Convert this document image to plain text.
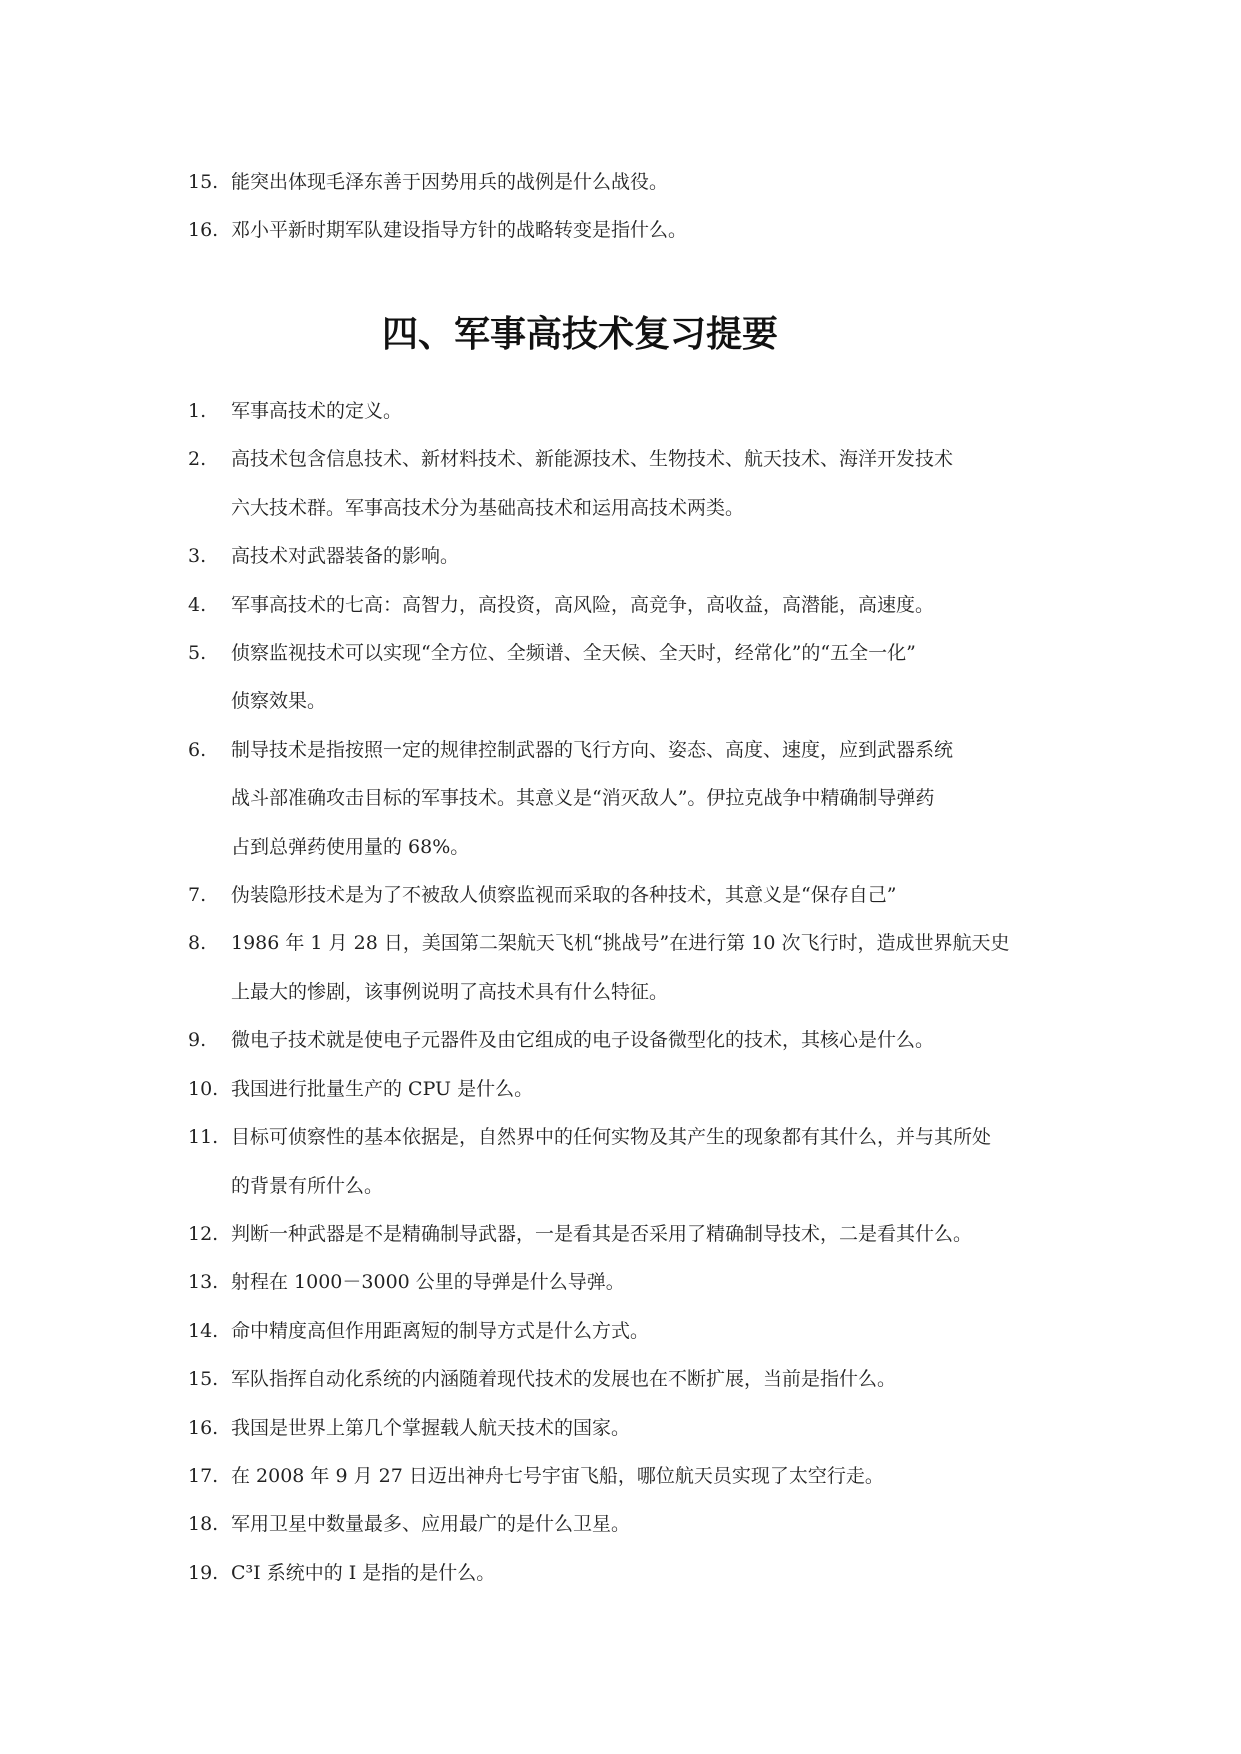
15. 能突出体现毛泽东善于因势用兵的战例是什么战役。
16. 邓小平新时期军队建设指导方针的战略转变是指什么。
四、军事高技术复习提要
1. 军事高技术的定义。
2. 高技术包含信息技术、新材料技术、新能源技术、生物技术、航天技术、海洋开发技术
六大技术群。军事高技术分为基础高技术和运用高技术两类。
3. 高技术对武器装备的影响。
4. 军事高技术的七高：高智力，高投资，高风险，高竞争，高收益，高潜能，高速度。
5. 侦察监视技术可以实现“全方位、全频谱、全天候、全天时，经常化”的“五全一化”
侦察效果。
6. 制导技术是指按照一定的规律控制武器的飞行方向、姿态、高度、速度，应到武器系统
战斗部准确攻击目标的军事技术。其意义是“消灭敌人”。伊拉克战争中精确制导弹药
占到总弹药使用量的 68%。
7. 伪装隐形技术是为了不被敌人侦察监视而采取的各种技术，其意义是“保存自己”
8. 1986 年 1 月 28 日，美国第二架航天飞机“挑战号”在进行第 10 次飞行时，造成世界航天史
上最大的惨剧，该事例说明了高技术具有什么特征。
9. 微电子技术就是使电子元器件及由它组成的电子设备微型化的技术，其核心是什么。
10. 我国进行批量生产的 CPU 是什么。
11. 目标可侦察性的基本依据是，自然界中的任何实物及其产生的现象都有其什么，并与其所处
的背景有所什么。
12. 判断一种武器是不是精确制导武器，一是看其是否采用了精确制导技术，二是看其什么。
13. 射程在 1000－3000 公里的导弹是什么导弹。
14. 命中精度高但作用距离短的制导方式是什么方式。
15. 军队指挥自动化系统的内涵随着现代技术的发展也在不断扩展，当前是指什么。
16. 我国是世界上第几个掌握载人航天技术的国家。
17. 在 2008 年 9 月 27 日迈出神舟七号宇宙飞船，哪位航天员实现了太空行走。
18. 军用卫星中数量最多、应用最广的是什么卫星。
19. C³I 系统中的 I 是指的是什么。
